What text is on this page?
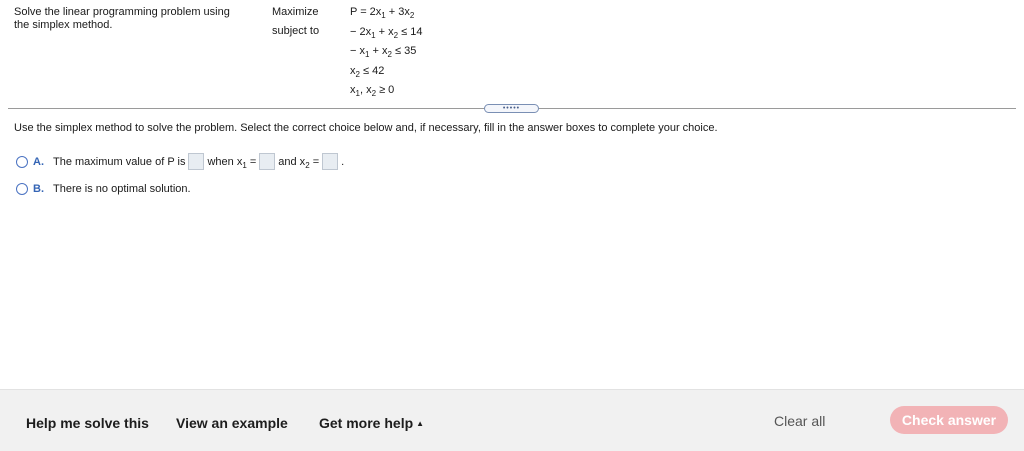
Solve the linear programming problem using
the simplex method.
Maximize
subject to
$P = 2x_1 + 3x_2$
− $2x_1 + x_2 \le 14$
− $x_1 + x_2 \le 35$
$x_2 \le 42$
$x_1$, $x_2 \ge 0$
•••••
Use the simplex method to solve the problem. Select the correct choice below and, if necessary, fill in the answer boxes to complete your choice.
A. The maximum value of P is when $x_1$ = and $x_2$ = .
B. There is no optimal solution.
Help me solve this View an example Get more help ▲	Clear all	Check answer
